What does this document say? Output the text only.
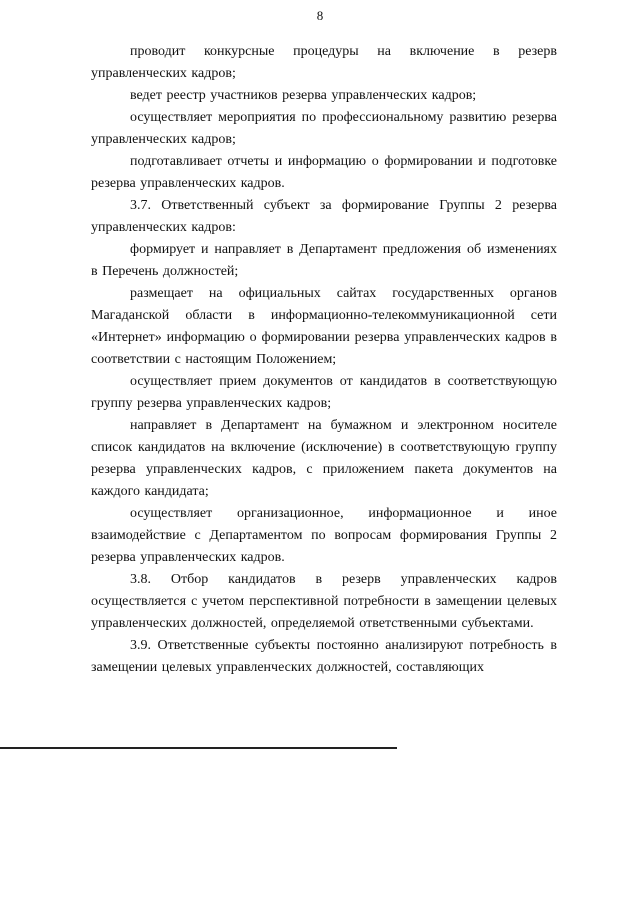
8

проводит конкурсные процедуры на включение в резерв управленческих кадров;

ведет реестр участников резерва управленческих кадров;

осуществляет мероприятия по профессиональному развитию резерва управленческих кадров;

подготавливает отчеты и информацию о формировании и подготовке резерва управленческих кадров.

3.7. Ответственный субъект за формирование Группы 2 резерва управленческих кадров:

формирует и направляет в Департамент предложения об изменениях в Перечень должностей;

размещает на официальных сайтах государственных органов Магаданской области в информационно-телекоммуникационной сети «Интернет» информацию о формировании резерва управленческих кадров в соответствии с настоящим Положением;

осуществляет прием документов от кандидатов в соответствующую группу резерва управленческих кадров;

направляет в Департамент на бумажном и электронном носителе список кандидатов на включение (исключение) в соответствующую группу резерва управленческих кадров, с приложением пакета документов на каждого кандидата;

осуществляет организационное, информационное и иное взаимодействие с Департаментом по вопросам формирования Группы 2 резерва управленческих кадров.

3.8. Отбор кандидатов в резерв управленческих кадров осуществляется с учетом перспективной потребности в замещении целевых управленческих должностей, определяемой ответственными субъектами.

3.9. Ответственные субъекты постоянно анализируют потребность в замещении целевых управленческих должностей, составляющих
